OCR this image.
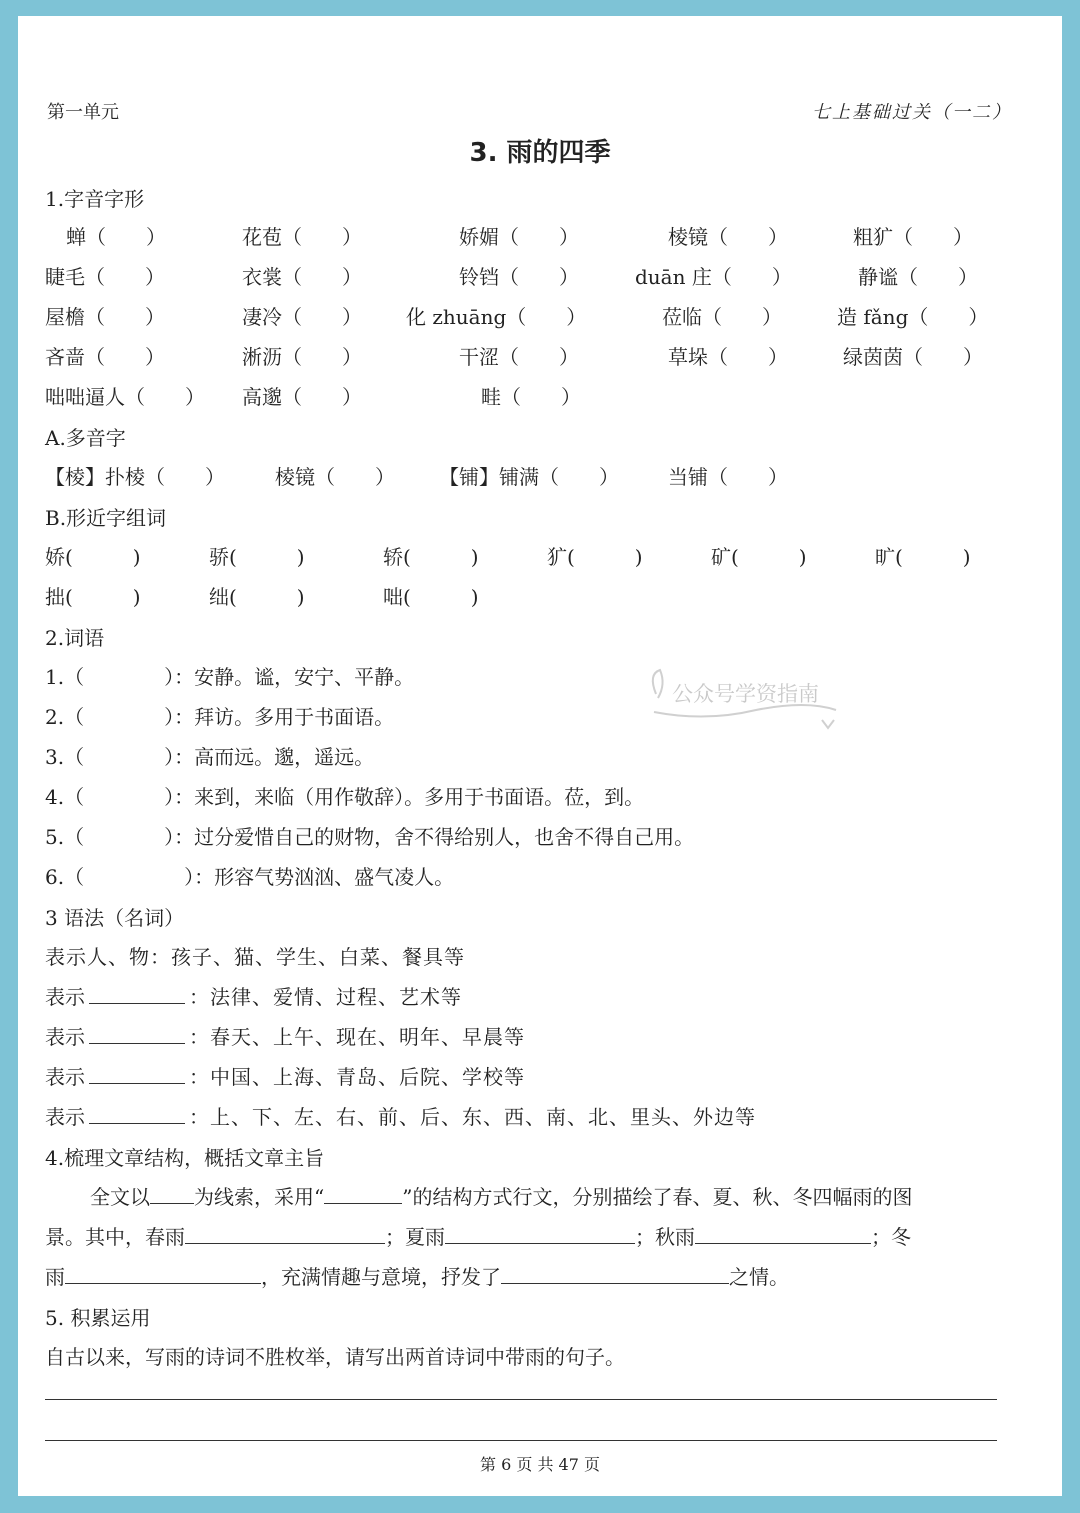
第一单元	七上基础过关（一二）
3. 雨的四季
1.字音字形
蝉（　　）	花苞（　　）	娇媚（　　）	棱镜（　　）	粗犷（　　）
睫毛（　　）	衣裳（　　）	铃铛（　　）	duān 庄（　　）	静谧（　　）
屋檐（　　）	凄冷（　　） 化 zhuāng（　　）	莅临（　　）	造 fǎng（　　）
吝啬（　　）	淅沥（　　）	干涩（　　）	草垛（　　）	绿茵茵（　　）
咄咄逼人（　　） 高邈（　　）	畦（　　）
A.多音字
【棱】扑棱（　　）	棱镜（　　） 【铺】铺满（　　） 当铺（　　）
B.形近字组词
娇(　　　)	骄(　　　)	轿(　　　)	犷(　　　)	矿(　　　)	旷(　　　)
拙(　　　)	绌(　　　)	咄(　　　)
2.词语
1.（　　　　）：安静。谧，安宁、平静。
2.（　　　　）：拜访。多用于书面语。
3.（　　　　）：高而远。邈，遥远。
4.（　　　　）：来到，来临（用作敬辞）。多用于书面语。莅，到。
5.（　　　　）：过分爱惜自己的财物，舍不得给别人，也舍不得自己用。
6.（　　　　　）：形容气势汹汹、盛气凌人。
公众号学资指南
3 语法（名词）
表示人、物：孩子、猫、学生、白菜、餐具等
表示	：法律、爱情、过程、艺术等
表示	：春天、上午、现在、明年、早晨等
表示	：中国、上海、青岛、后院、学校等
表示	：上、下、左、右、前、后、东、西、南、北、里头、外边等
4.梳理文章结构，概括文章主旨
全文以 为线索，采用“	”的结构方式行文，分别描绘了春、夏、秋、冬四幅雨的图
景。其中，春雨	；夏雨	；秋雨	；冬
雨	，充满情趣与意境，抒发了	之情。
5. 积累运用
自古以来，写雨的诗词不胜枚举，请写出两首诗词中带雨的句子。
第 6 页 共 47 页
